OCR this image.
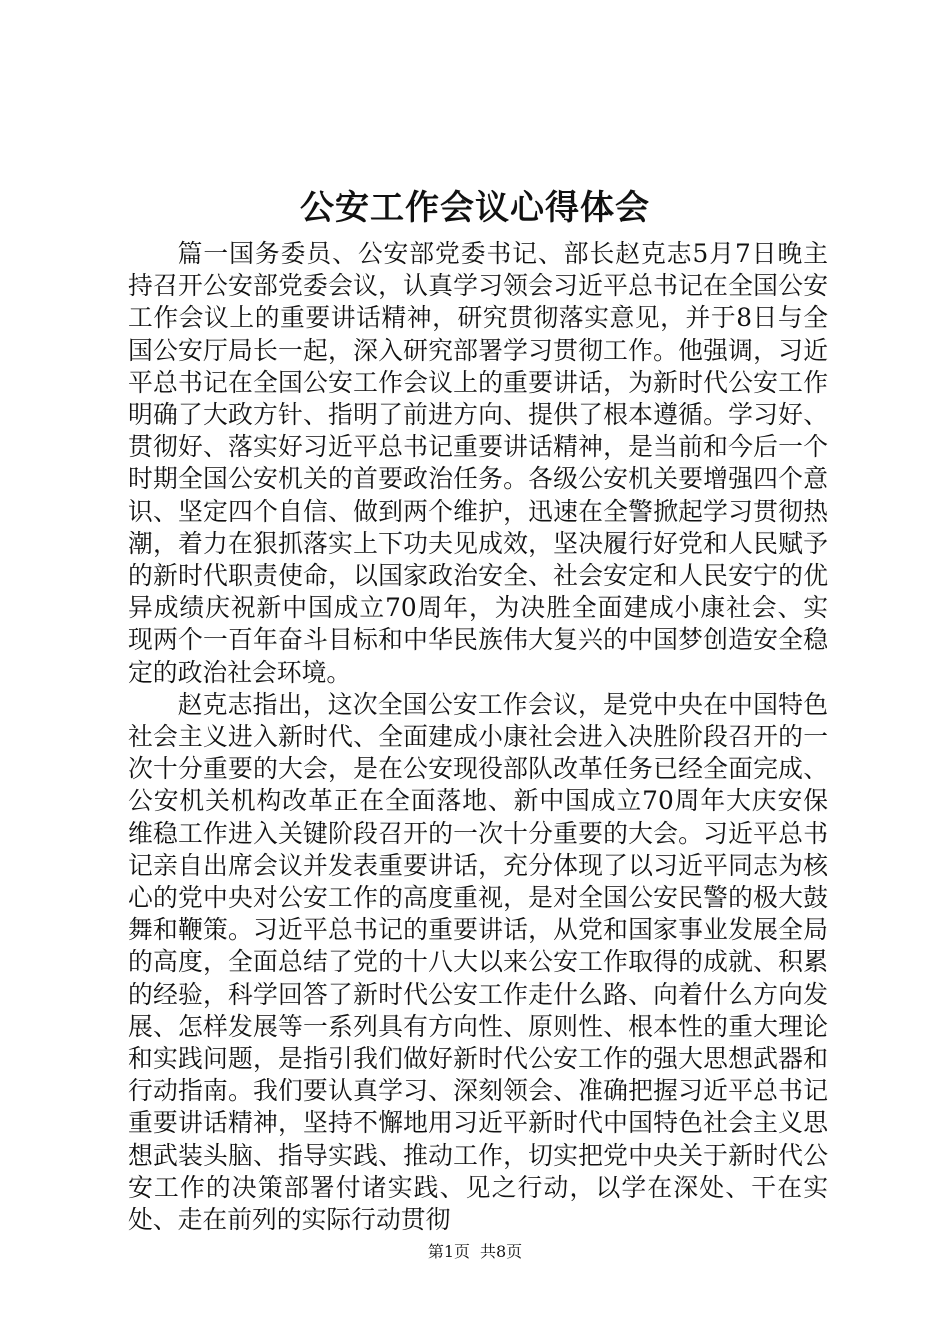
公安工作会议心得体会

篇一国务委员、公安部党委书记、部长赵克志5月7日晚主持召开公安部党委会议，认真学习领会习近平总书记在全国公安工作会议上的重要讲话精神，研究贯彻落实意见，并于8日与全国公安厅局长一起，深入研究部署学习贯彻工作。他强调，习近平总书记在全国公安工作会议上的重要讲话，为新时代公安工作明确了大政方针、指明了前进方向、提供了根本遵循。学习好、贯彻好、落实好习近平总书记重要讲话精神，是当前和今后一个时期全国公安机关的首要政治任务。各级公安机关要增强四个意识、坚定四个自信、做到两个维护，迅速在全警掀起学习贯彻热潮，着力在狠抓落实上下功夫见成效，坚决履行好党和人民赋予的新时代职责使命，以国家政治安全、社会安定和人民安宁的优异成绩庆祝新中国成立70周年，为决胜全面建成小康社会、实现两个一百年奋斗目标和中华民族伟大复兴的中国梦创造安全稳定的政治社会环境。

赵克志指出，这次全国公安工作会议，是党中央在中国特色社会主义进入新时代、全面建成小康社会进入决胜阶段召开的一次十分重要的大会，是在公安现役部队改革任务已经全面完成、公安机关机构改革正在全面落地、新中国成立70周年大庆安保维稳工作进入关键阶段召开的一次十分重要的大会。习近平总书记亲自出席会议并发表重要讲话，充分体现了以习近平同志为核心的党中央对公安工作的高度重视，是对全国公安民警的极大鼓舞和鞭策。习近平总书记的重要讲话，从党和国家事业发展全局的高度，全面总结了党的十八大以来公安工作取得的成就、积累的经验，科学回答了新时代公安工作走什么路、向着什么方向发展、怎样发展等一系列具有方向性、原则性、根本性的重大理论和实践问题，是指引我们做好新时代公安工作的强大思想武器和行动指南。我们要认真学习、深刻领会、准确把握习近平总书记重要讲话精神，坚持不懈地用习近平新时代中国特色社会主义思想武装头脑、指导实践、推动工作，切实把党中央关于新时代公安工作的决策部署付诸实践、见之行动，以学在深处、干在实处、走在前列的实际行动贯彻

第1页 共8页
